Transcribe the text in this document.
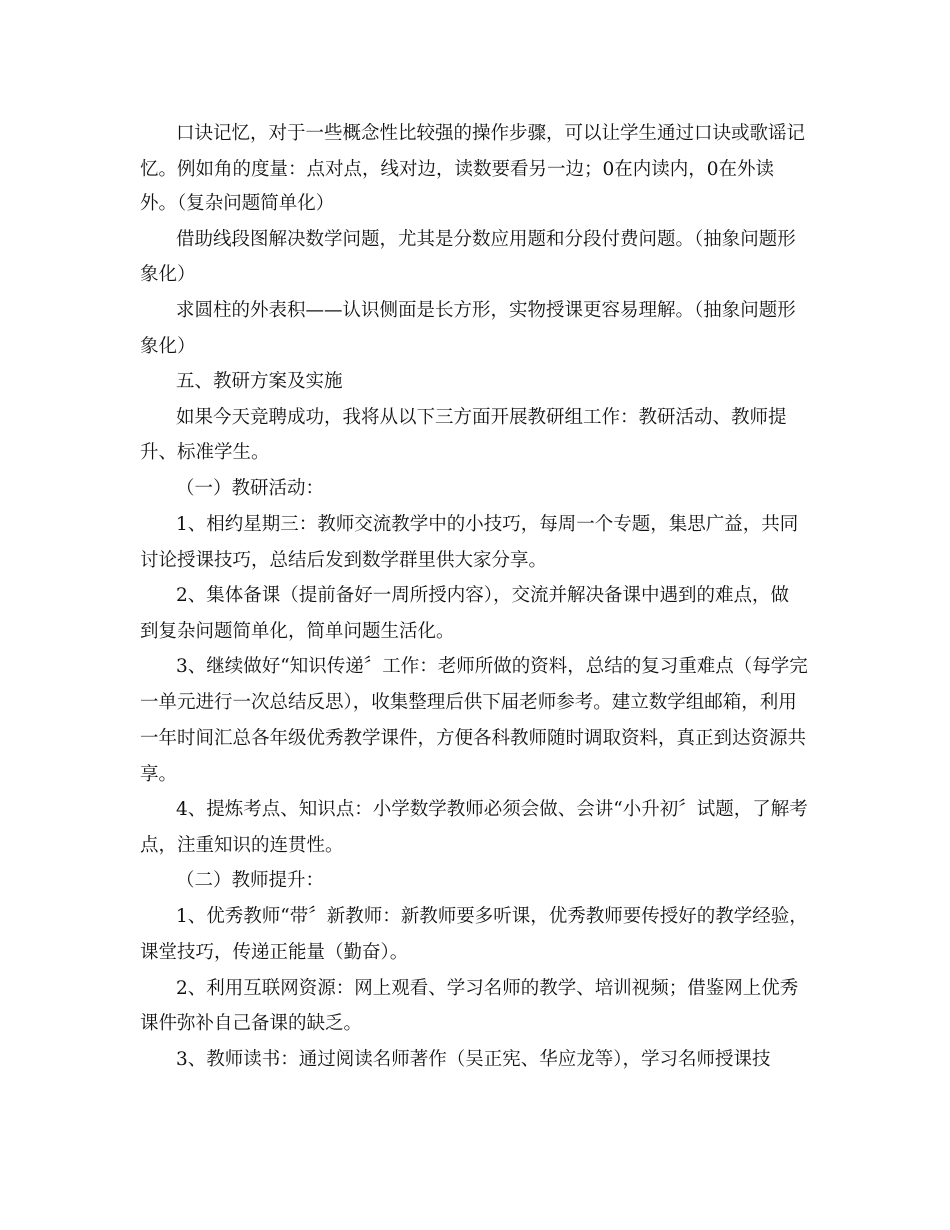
口诀记忆，对于一些概念性比较强的操作步骤，可以让学生通过口诀或歌谣记
忆。例如角的度量：点对点，线对边，读数要看另一边；0在内读内，0在外读
外。（复杂问题简单化）
借助线段图解决数学问题，尤其是分数应用题和分段付费问题。（抽象问题形
象化）
求圆柱的外表积——认识侧面是长方形，实物授课更容易理解。（抽象问题形
象化）
五、教研方案及实施
如果今天竞聘成功，我将从以下三方面开展教研组工作：教研活动、教师提
升、标准学生。
（一）教研活动：
1、相约星期三：教师交流教学中的小技巧，每周一个专题，集思广益，共同
讨论授课技巧，总结后发到数学群里供大家分享。
2、集体备课（提前备好一周所授内容），交流并解决备课中遇到的难点，做
到复杂问题简单化，简单问题生活化。
3、继续做好“知识传递〞工作：老师所做的资料，总结的复习重难点（每学完
一单元进行一次总结反思），收集整理后供下届老师参考。建立数学组邮箱，利用
一年时间汇总各年级优秀教学课件，方便各科教师随时调取资料，真正到达资源共
享。
4、提炼考点、知识点：小学数学教师必须会做、会讲“小升初〞试题，了解考
点，注重知识的连贯性。
（二）教师提升：
1、优秀教师“带〞新教师：新教师要多听课，优秀教师要传授好的教学经验，
课堂技巧，传递正能量（勤奋）。
2、利用互联网资源：网上观看、学习名师的教学、培训视频；借鉴网上优秀
课件弥补自己备课的缺乏。
3、教师读书：通过阅读名师著作（吴正宪、华应龙等），学习名师授课技
